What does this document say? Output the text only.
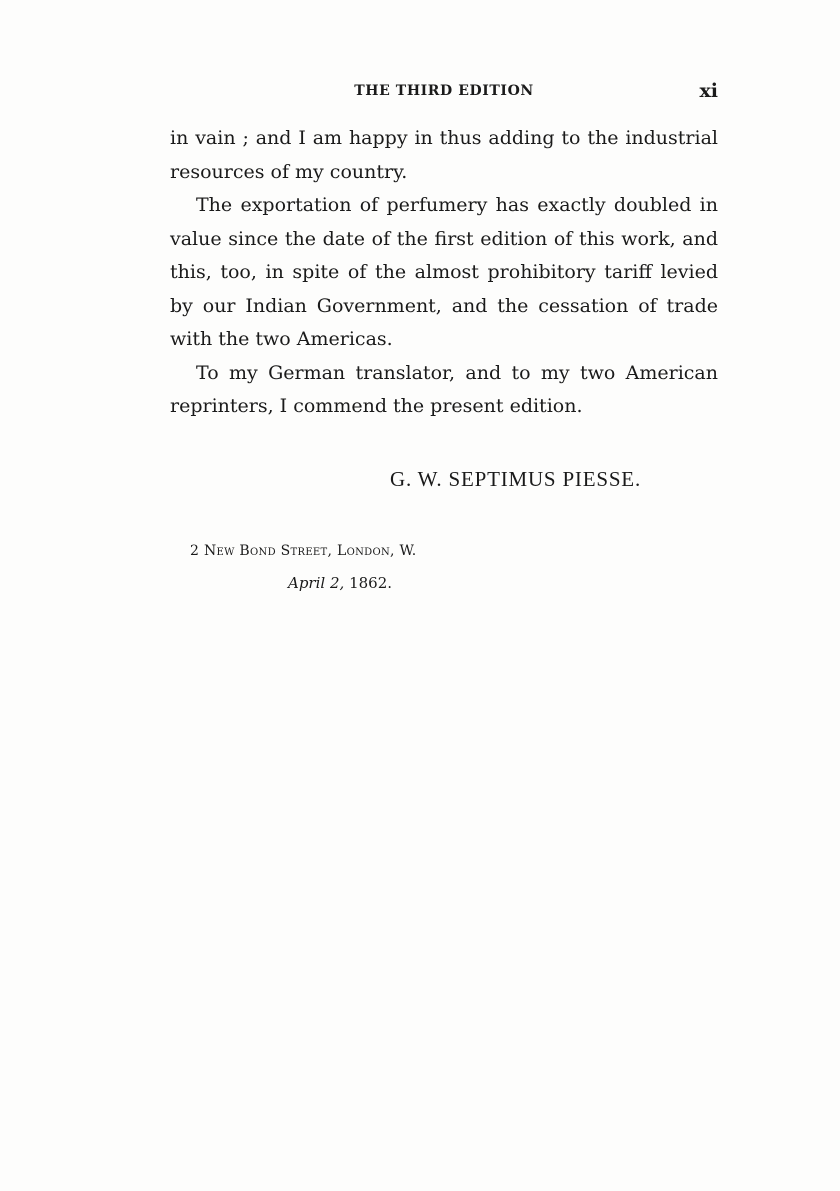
THE THIRD EDITION	xi

in vain ; and I am happy in thus adding to the industrial resources of my country.

The exportation of perfumery has exactly doubled in value since the date of the first edition of this work, and this, too, in spite of the almost prohibitory tariff levied by our Indian Government, and the cessation of trade with the two Americas.

To my German translator, and to my two American reprinters, I commend the present edition.

G. W. SEPTIMUS PIESSE.
2 New Bond Street, London, W.
April 2, 1862.
